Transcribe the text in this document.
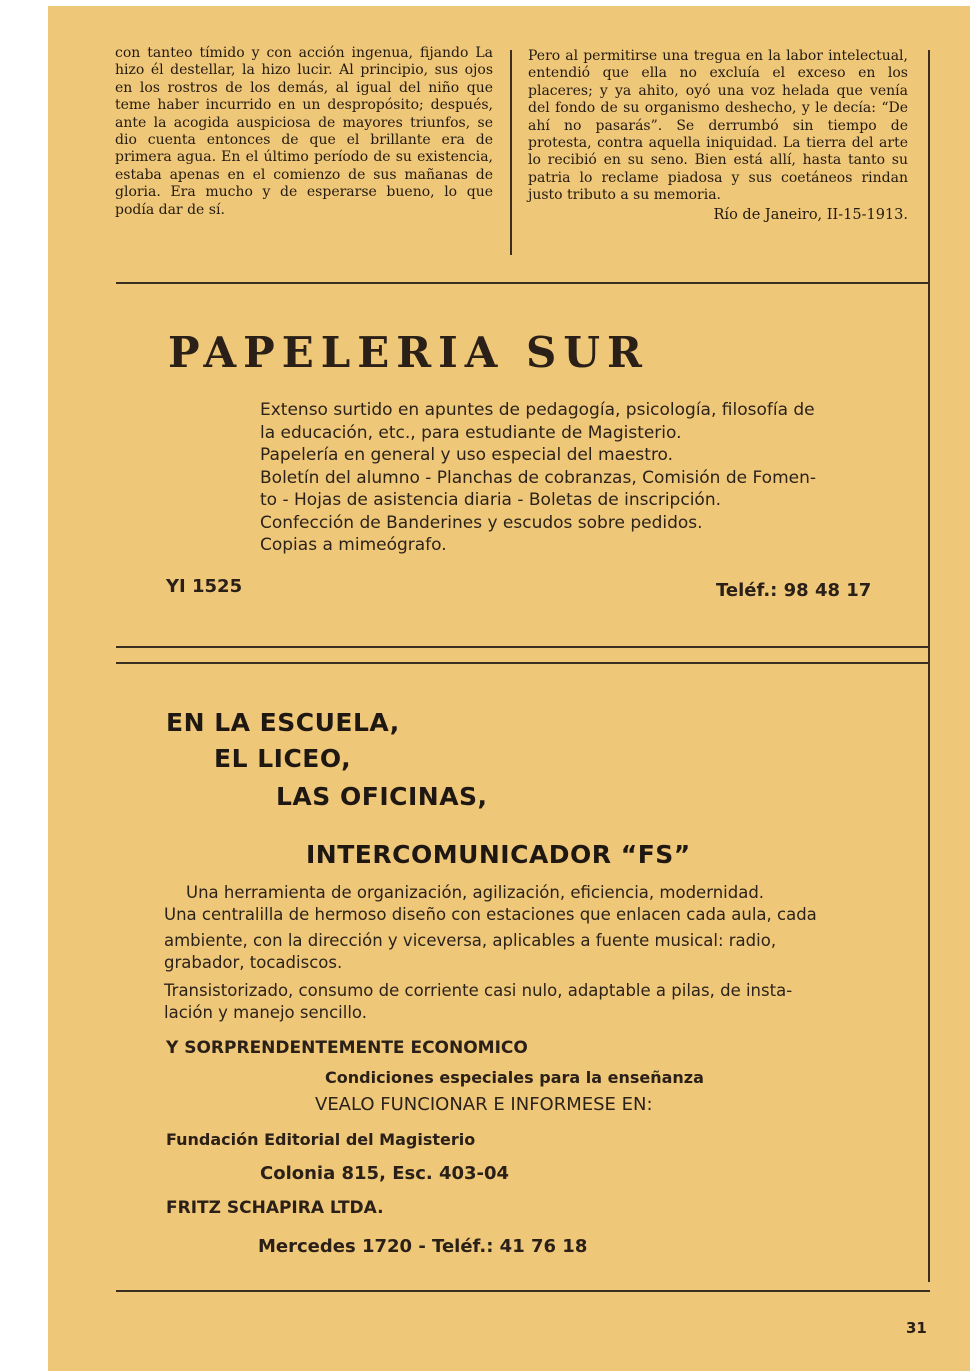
con tanteo tímido y con acción ingenua, fijando La hizo él destellar, la hizo lucir. Al principio, sus ojos en los rostros de los demás, al igual del niño que teme haber incurrido en un despropósito; después, ante la acogida auspiciosa de mayores triunfos, se dio cuenta entonces de que el brillante era de primera agua. En el último período de su existencia, estaba apenas en el comienzo de sus mañanas de gloria. Era mucho y de esperarse bueno, lo que podía dar de sí.

Pero al permitirse una tregua en la labor intelectual, entendió que ella no excluía el exceso en los placeres; y ya ahito, oyó una voz helada que venía del fondo de su organismo deshecho, y le decía: “De ahí no pasarás”. Se derrumbó sin tiempo de protesta, contra aquella iniquidad. La tierra del arte lo recibió en su seno. Bien está allí, hasta tanto su patria lo reclame piadosa y sus coetáneos rindan justo tributo a su memoria.

Río de Janeiro, II-15-1913.

PAPELERIA SUR
Extenso surtido en apuntes de pedagogía, psicología, filosofía de
la educación, etc., para estudiante de Magisterio.
Papelería en general y uso especial del maestro.
Boletín del alumno - Planchas de cobranzas, Comisión de Fomen-
to - Hojas de asistencia diaria - Boletas de inscripción.
Confección de Banderines y escudos sobre pedidos.
Copias a mimeógrafo.
YI 1525	Teléf.: 98 48 17
EN LA ESCUELA,
EL LICEO,
LAS OFICINAS,
INTERCOMUNICADOR “FS”
Una herramienta de organización, agilización, eficiencia, modernidad.
Una centralilla de hermoso diseño con estaciones que enlacen cada aula, cada
ambiente, con la dirección y viceversa, aplicables a fuente musical: radio,
grabador, tocadiscos.
Transistorizado, consumo de corriente casi nulo, adaptable a pilas, de insta-
lación y manejo sencillo.
Y SORPRENDENTEMENTE ECONOMICO
Condiciones especiales para la enseñanza
VEALO FUNCIONAR E INFORMESE EN:
Fundación Editorial del Magisterio
Colonia 815, Esc. 403-04
FRITZ SCHAPIRA LTDA.
Mercedes 1720 - Teléf.: 41 76 18
31
